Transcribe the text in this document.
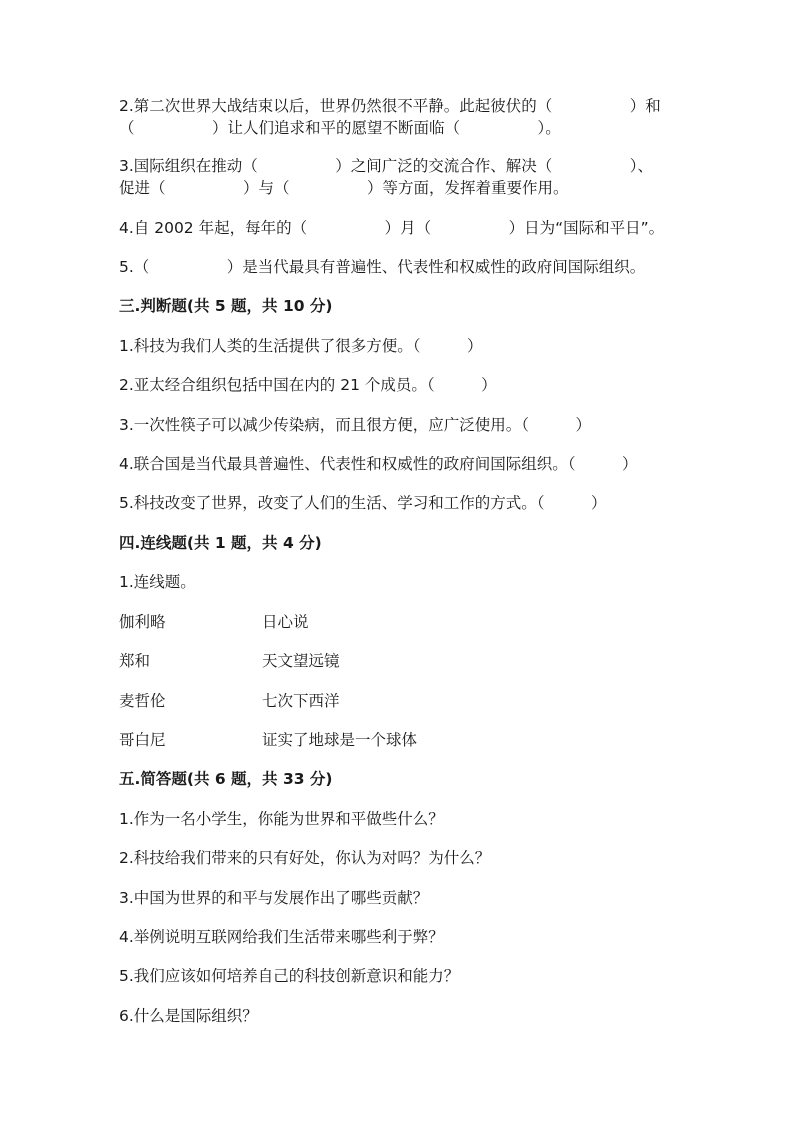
2.第二次世界大战结束以后，世界仍然很不平静。此起彼伏的（　　　　　）和
（　　　　　）让人们追求和平的愿望不断面临（　　　　　）。
3.国际组织在推动（　　　　　）之间广泛的交流合作、解决（　　　　　）、
促进（　　　　　）与（　　　　　）等方面，发挥着重要作用。
4.自 2002 年起，每年的（　　　　　）月（　　　　　）日为“国际和平日”。
5.（　　　　　）是当代最具有普遍性、代表性和权威性的政府间国际组织。
三.判断题(共 5 题，共 10 分)
1.科技为我们人类的生活提供了很多方便。（　　　）
2.亚太经合组织包括中国在内的 21 个成员。（　　　）
3.一次性筷子可以减少传染病，而且很方便，应广泛使用。（　　　）
4.联合国是当代最具普遍性、代表性和权威性的政府间国际组织。（　　　）
5.科技改变了世界，改变了人们的生活、学习和工作的方式。（　　　）
四.连线题(共 1 题，共 4 分)
1.连线题。
伽利略	日心说
郑和	天文望远镜
麦哲伦	七次下西洋
哥白尼	证实了地球是一个球体
五.简答题(共 6 题，共 33 分)
1.作为一名小学生，你能为世界和平做些什么？
2.科技给我们带来的只有好处，你认为对吗？为什么？
3.中国为世界的和平与发展作出了哪些贡献？
4.举例说明互联网给我们生活带来哪些利于弊？
5.我们应该如何培养自己的科技创新意识和能力？
6.什么是国际组织？
